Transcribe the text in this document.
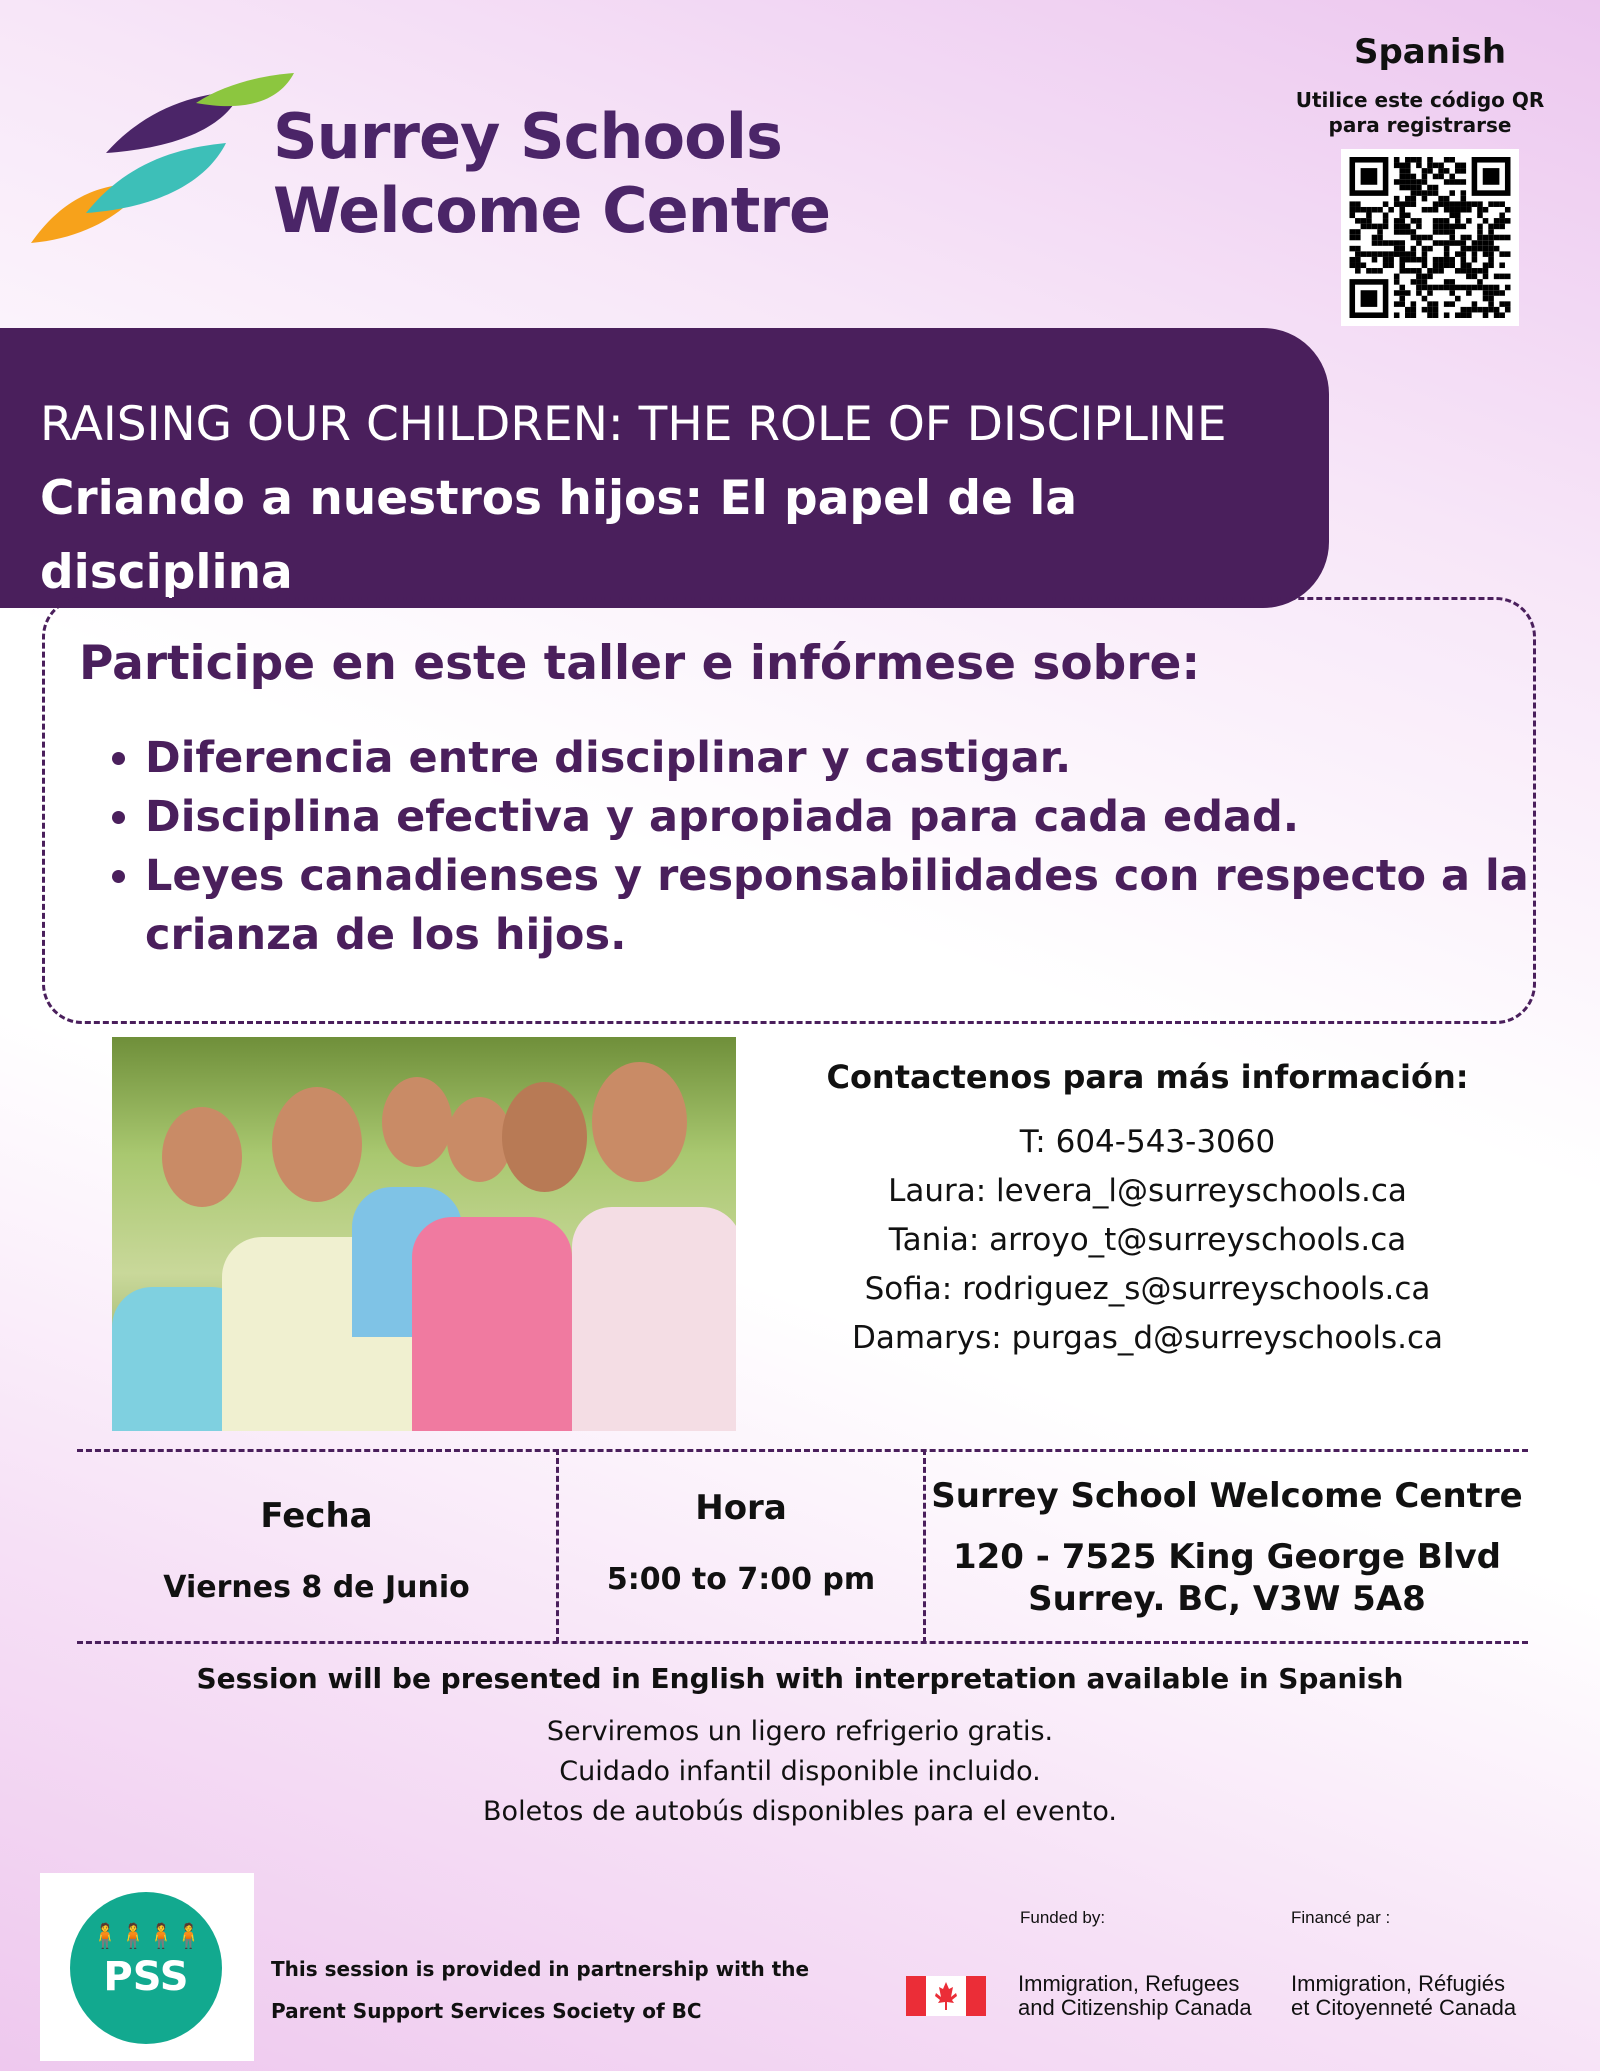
Surrey Schools
Welcome Centre
Spanish
Utilice este código QR
para registrarse
RAISING OUR CHILDREN: THE ROLE OF DISCIPLINE
Criando a nuestros hijos: El papel de la disciplina
Participe en este taller e infórmese sobre:
• Diferencia entre disciplinar y castigar.
• Disciplina efectiva y apropiada para cada edad.
• Leyes canadienses y responsabilidades con respecto a la crianza de los hijos.
Contactenos para más información:
T: 604-543-3060
Laura: levera_l@surreyschools.ca
Tania: arroyo_t@surreyschools.ca
Sofia: rodriguez_s@surreyschools.ca
Damarys: purgas_d@surreyschools.ca
Fecha
Viernes 8 de Junio
Hora
5:00 to 7:00 pm
Surrey School Welcome Centre
120 - 7525 King George Blvd
Surrey. BC, V3W 5A8
Session will be presented in English with interpretation available in Spanish
Serviremos un ligero refrigerio gratis.
Cuidado infantil disponible incluido.
Boletos de autobús disponibles para el evento.
🧍🧍🧍🧍
PSS	This session is provided in partnership with the
Parent Support Services Society of BC
Funded by:	Financé par :
Immigration, Refugees
and Citizenship Canada
Immigration, Réfugiés
et Citoyenneté Canada
